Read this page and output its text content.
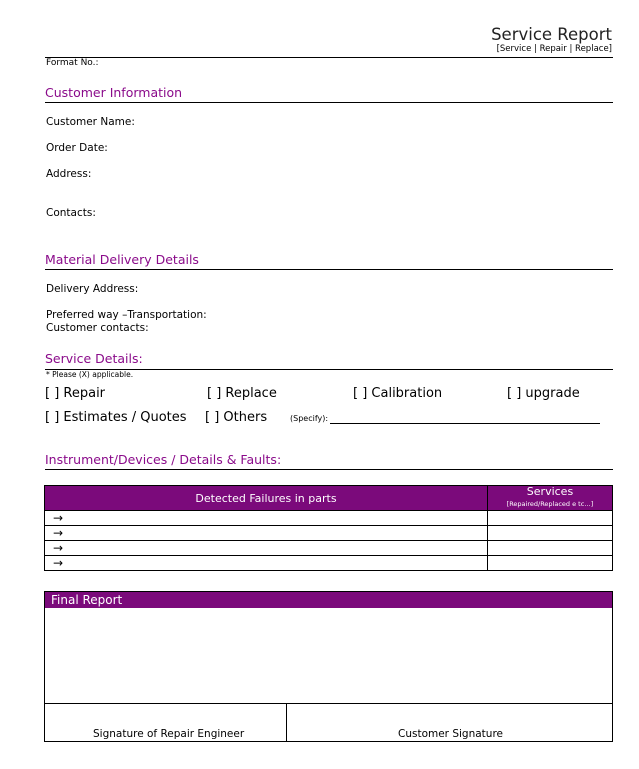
Service Report
[Service | Repair | Replace]
Format No.:
Customer Information
Customer Name:
Order Date:
Address:
Contacts:
Material Delivery Details
Delivery Address:
Preferred way –Transportation:
Customer contacts:
Service Details:
* Please (X) applicable.
[ ] Repair	[ ] Replace	[ ] Calibration	[ ] upgrade
[ ] Estimates / Quotes [ ] Others	(Specify):
Instrument/Devices / Details & Faults:
Detected Failures in parts	Services
[Repaired/Replaced e tc…]

→	
→	
→	
→	
Final Report
Signature of Repair Engineer	Customer Signature
